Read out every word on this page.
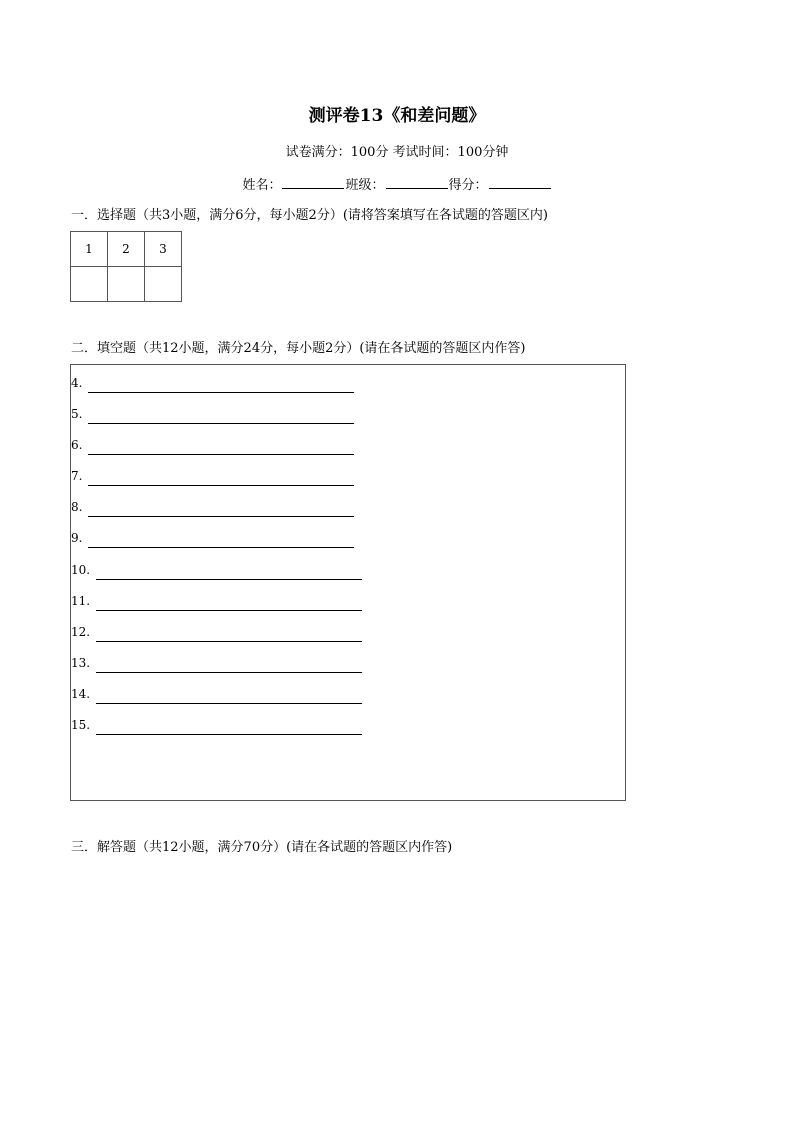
测评卷13《和差问题》
试卷满分：100分 考试时间：100分钟
姓名：	班级：	得分：
一．选择题（共3小题，满分6分，每小题2分）(请将答案填写在各试题的答题区内)
1	2	3

二．填空题（共12小题，满分24分，每小题2分）(请在各试题的答题区内作答)
4.
5.
6.
7.
8.
9.
10.
11.
12.
13.
14.
15.
三．解答题（共12小题，满分70分）(请在各试题的答题区内作答)
